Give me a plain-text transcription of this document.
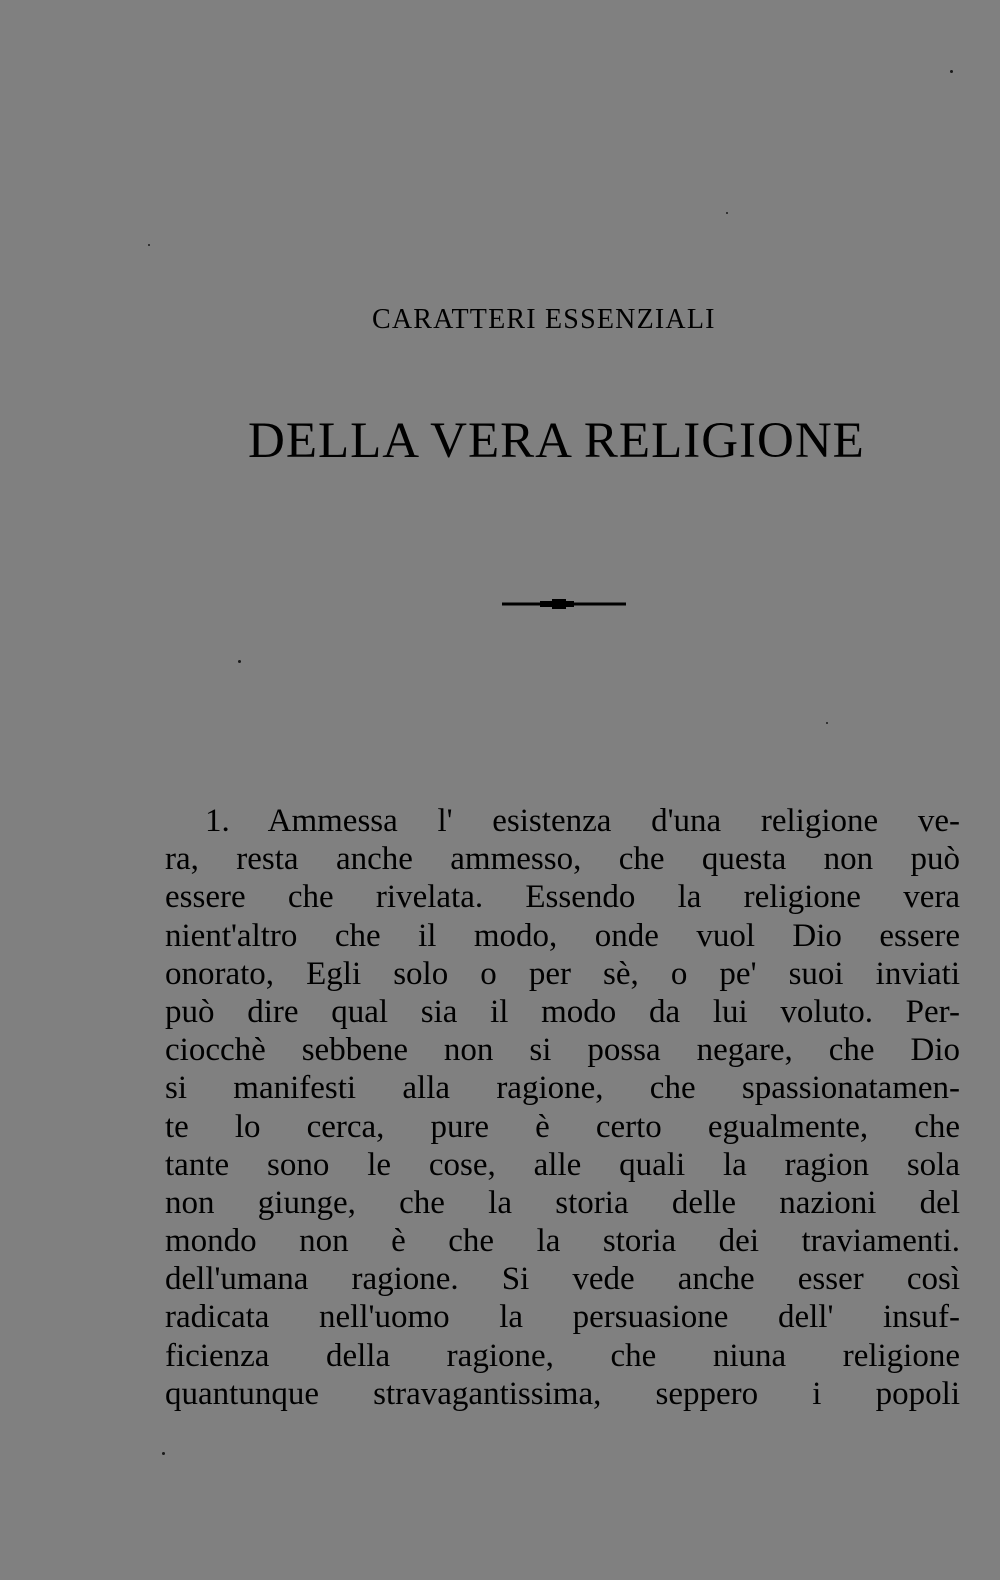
CARATTERI ESSENZIALI
DELLA VERA RELIGIONE
1. Ammessa l' esistenza d'una religione ve-
ra, resta anche ammesso, che questa non può
essere che rivelata. Essendo la religione vera
nient'altro che il modo, onde vuol Dio essere
onorato, Egli solo o per sè, o pe' suoi inviati
può dire qual sia il modo da lui voluto. Per-
ciocchè sebbene non si possa negare, che Dio
si manifesti alla ragione, che spassionatamen-
te lo cerca, pure è certo egualmente, che
tante sono le cose, alle quali la ragion sola
non giunge, che la storia delle nazioni del
mondo non è che la storia dei traviamenti.
dell'umana ragione. Si vede anche esser così
radicata nell'uomo la persuasione dell' insuf-
ficienza della ragione, che niuna religione
quantunque stravagantissima, seppero i popoli
